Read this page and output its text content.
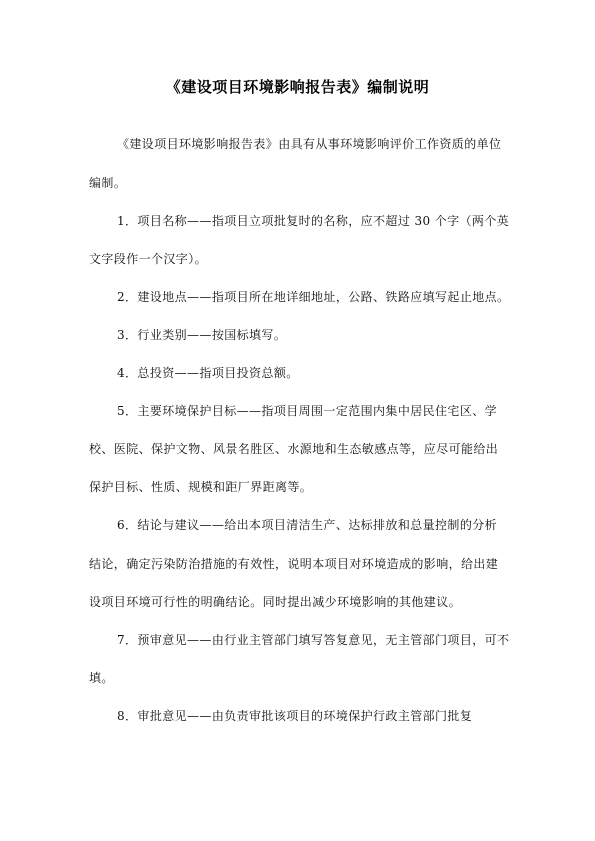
《建设项目环境影响报告表》编制说明
《建设项目环境影响报告表》由具有从事环境影响评价工作资质的单位
编制。
1．项目名称——指项目立项批复时的名称，应不超过 30 个字（两个英
文字段作一个汉字）。
2．建设地点——指项目所在地详细地址，公路、铁路应填写起止地点。
3．行业类别——按国标填写。
4．总投资——指项目投资总额。
5．主要环境保护目标——指项目周围一定范围内集中居民住宅区、学
校、医院、保护文物、风景名胜区、水源地和生态敏感点等，应尽可能给出
保护目标、性质、规模和距厂界距离等。
6．结论与建议——给出本项目清洁生产、达标排放和总量控制的分析
结论，确定污染防治措施的有效性，说明本项目对环境造成的影响，给出建
设项目环境可行性的明确结论。同时提出减少环境影响的其他建议。
7．预审意见——由行业主管部门填写答复意见，无主管部门项目，可不
填。
8．审批意见——由负责审批该项目的环境保护行政主管部门批复
